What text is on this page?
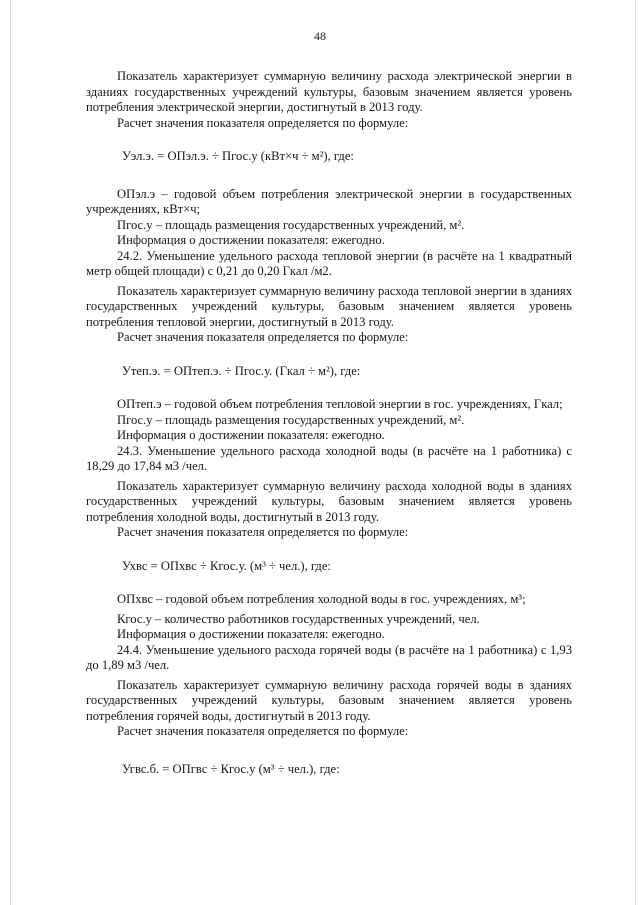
48

Показатель характеризует суммарную величину расхода электрической энергии в зданиях государственных учреждений культуры, базовым значением является уровень потребления электрической энергии, достигнутый в 2013 году.

Расчет значения показателя определяется по формуле:

Уэл.э. = ОПэл.э. ÷ Пгос.у (кВт×ч ÷ м²), где:

ОПэл.э – годовой объем потребления электрической энергии в государственных учреждениях, кВт×ч;

Пгос.у – площадь размещения государственных учреждений, м².

Информация о достижении показателя: ежегодно.

24.2. Уменьшение удельного расхода тепловой энергии (в расчёте на 1 квадратный метр общей площади) с 0,21 до 0,20 Гкал /м2.

Показатель характеризует суммарную величину расхода тепловой энергии в зданиях государственных учреждений культуры, базовым значением является уровень потребления тепловой энергии, достигнутый в 2013 году.

Расчет значения показателя определяется по формуле:

Утеп.э. = ОПтеп.э. ÷ Пгос.у. (Гкал ÷ м²), где:

ОПтеп.э – годовой объем потребления тепловой энергии в гос. учреждениях, Гкал;

Пгос.у – площадь размещения государственных учреждений, м².

Информация о достижении показателя: ежегодно.

24.3. Уменьшение удельного расхода холодной воды (в расчёте на 1 работника) с 18,29 до 17,84 м3 /чел.

Показатель характеризует суммарную величину расхода холодной воды в зданиях государственных учреждений культуры, базовым значением является уровень потребления холодной воды, достигнутый в 2013 году.

Расчет значения показателя определяется по формуле:

Ухвс = ОПхвс ÷ Кгос.у. (м³ ÷ чел.), где:

ОПхвс – годовой объем потребления холодной воды в гос. учреждениях, м³;

Кгос.у – количество работников государственных учреждений, чел.

Информация о достижении показателя: ежегодно.

24.4. Уменьшение удельного расхода горячей воды (в расчёте на 1 работника) с 1,93 до 1,89 м3 /чел.

Показатель характеризует суммарную величину расхода горячей воды в зданиях государственных учреждений культуры, базовым значением является уровень потребления горячей воды, достигнутый в 2013 году.

Расчет значения показателя определяется по формуле:

Угвс.б. = ОПгвс ÷ Кгос.у (м³ ÷ чел.), где:
